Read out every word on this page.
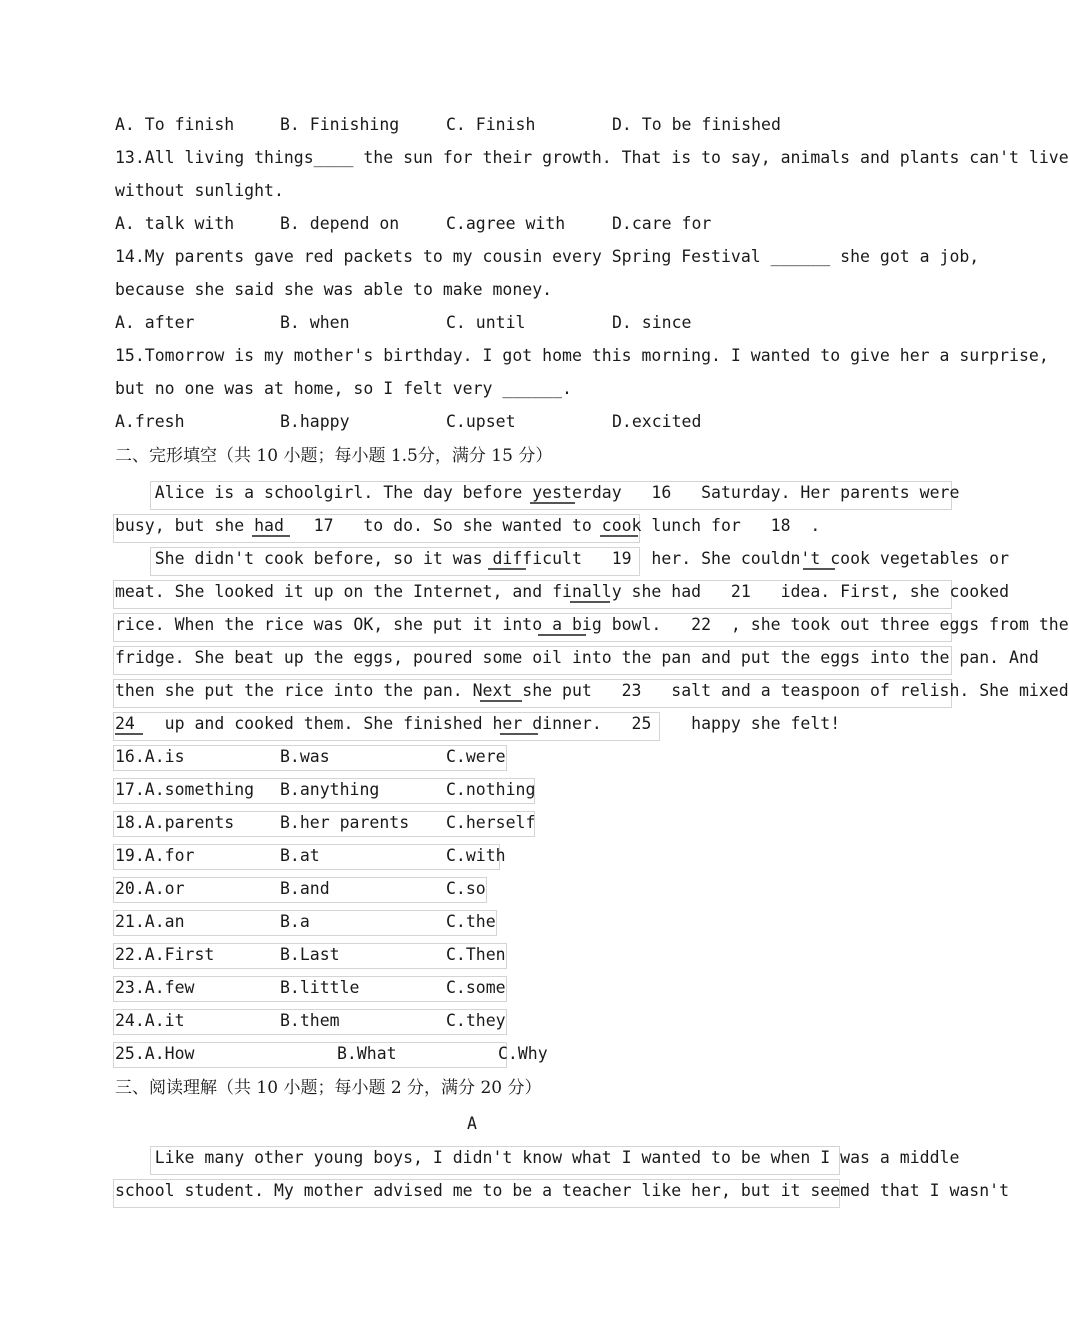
A. To finish	B. Finishing	C. Finish	D. To be finished
13.All living things____ the sun for their growth. That is to say, animals and plants can't live
without sunlight.
A. talk with	B. depend on	C.agree with	D.care for
14.My parents gave red packets to my cousin every Spring Festival ______ she got a job,
because she said she was able to make money.
A. after	B. when	C. until	D. since
15.Tomorrow is my mother's birthday. I got home this morning. I wanted to give her a surprise,
but no one was at home, so I felt very ______.
A.fresh	B.happy	C.upset	D.excited
二、完形填空（共 10 小题；每小题 1.5分，满分 15 分）
Alice is a schoolgirl. The day before yesterday   16   Saturday. Her parents were
busy, but she had   17   to do. So she wanted to cook lunch for   18  .
She didn't cook before, so it was difficult   19  her. She couldn't cook vegetables or
meat. She looked it up on the Internet, and finally she had   21   idea. First, she cooked
rice. When the rice was OK, she put it into a big bowl.   22  , she took out three eggs from the
fridge. She beat up the eggs, poured some oil into the pan and put the eggs into the pan. And
then she put the rice into the pan. Next she put   23   salt and a teaspoon of relish. She mixed
24   up and cooked them. She finished her dinner.   25    happy she felt!
16.A.is	B.was	C.were
17.A.something B.anything	C.nothing
18.A.parents	B.her parents C.herself
19.A.for	B.at	C.with
20.A.or	B.and	C.so
21.A.an	B.a	C.the
22.A.First	B.Last	C.Then
23.A.few	B.little	C.some
24.A.it	B.them	C.they
25.A.How	B.What	C.Why
三、阅读理解（共 10 小题；每小题 2 分，满分 20 分）
A
Like many other young boys, I didn't know what I wanted to be when I was a middle
school student. My mother advised me to be a teacher like her, but it seemed that I wasn't
